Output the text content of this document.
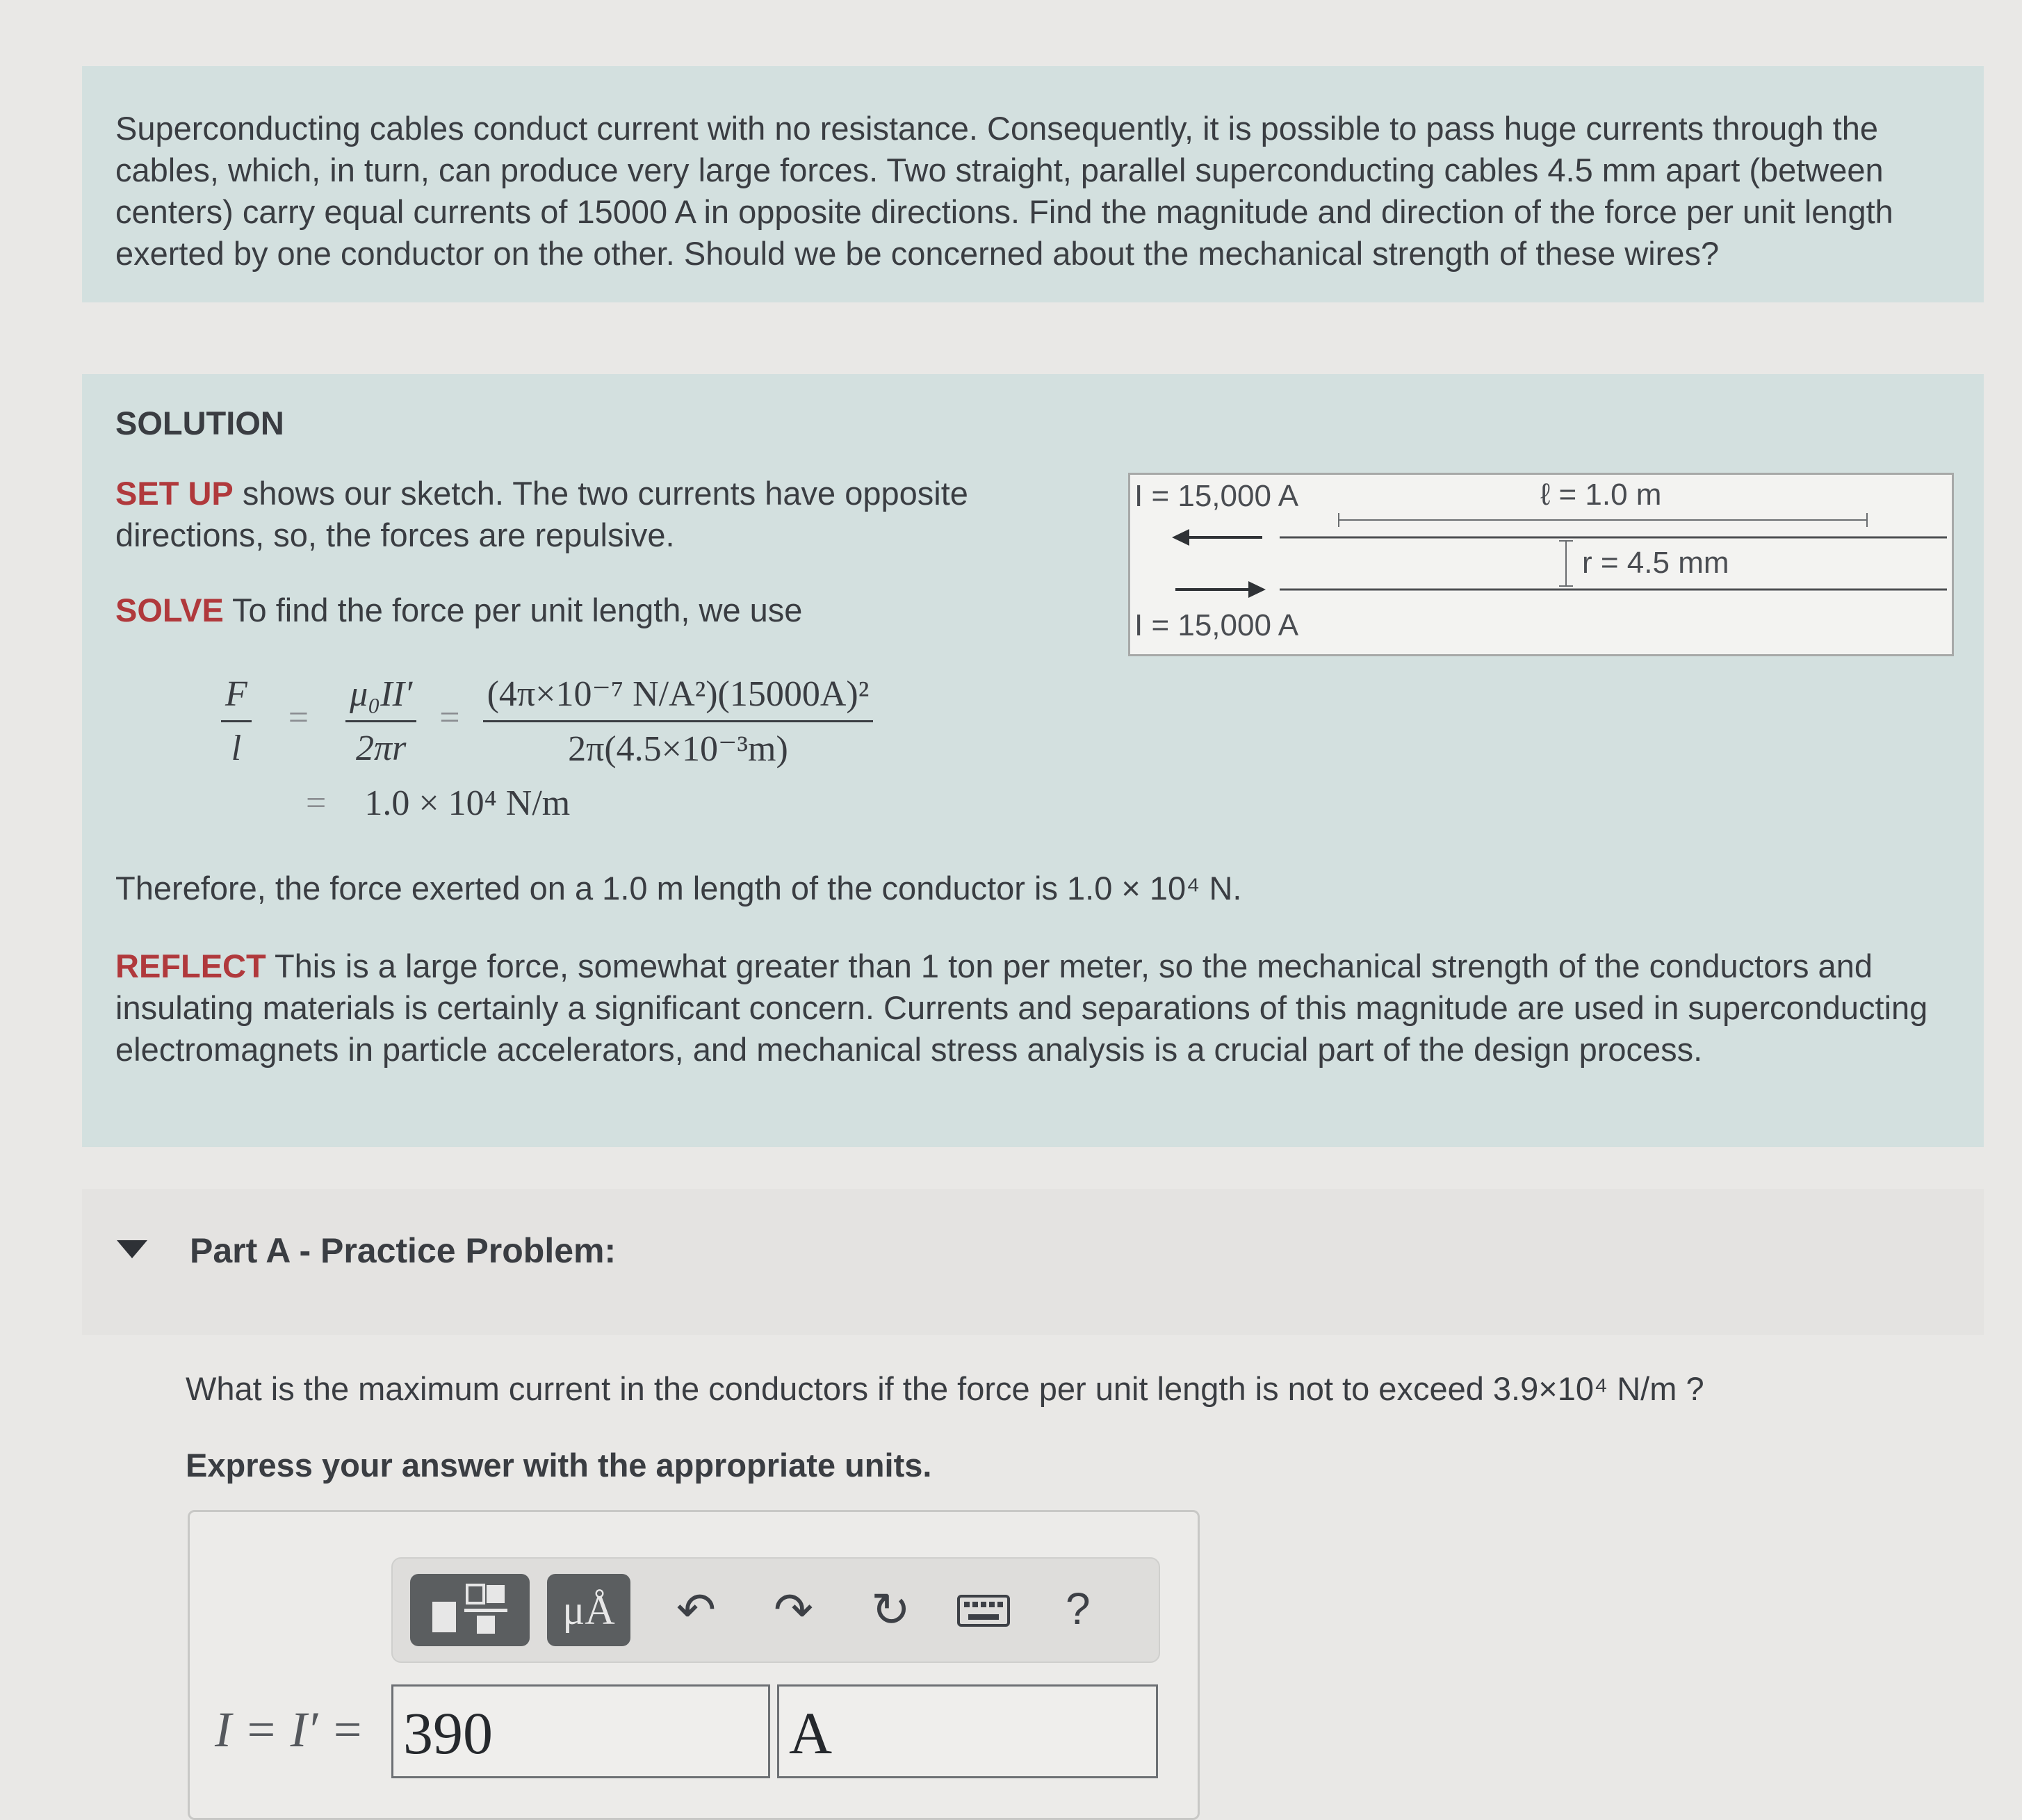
Superconducting cables conduct current with no resistance. Consequently, it is possible to pass huge currents through the cables, which, in turn, can produce very large forces. Two straight, parallel superconducting cables 4.5 mm apart (between centers) carry equal currents of 15000 A in opposite directions. Find the magnitude and direction of the force per unit length exerted by one conductor on the other. Should we be concerned about the mechanical strength of these wires?

SOLUTION
SET UP shows our sketch. The two currents have opposite directions, so, the forces are repulsive.
SOLVE To find the force per unit length, we use
$\frac{F}{l} = \frac{\text{μ₀II′}}{2\pi r} = \frac{\text{(4π×10⁻⁷ N/A²)(15000A)²}}{\text{2π(4.5×10⁻³m)}}$
= 1.0 × 10⁴ N/m
Therefore, the force exerted on a 1.0 m length of the conductor is 1.0 × 10⁴ N.
REFLECT This is a large force, somewhat greater than 1 ton per meter, so the mechanical strength of the conductors and insulating materials is certainly a significant concern. Currents and separations of this magnitude are used in superconducting electromagnets in particle accelerators, and mechanical stress analysis is a crucial part of the design process.
I = 15,000 A	ℓ = 1.0 m
r = 4.5 mm
I = 15,000 A
Part A - Practice Problem:
What is the maximum current in the conductors if the force per unit length is not to exceed 3.9×10⁴ N/m ?
Express your answer with the appropriate units.
μÅ	↶ ↷ ↻	?
I = I′ = 390	A
